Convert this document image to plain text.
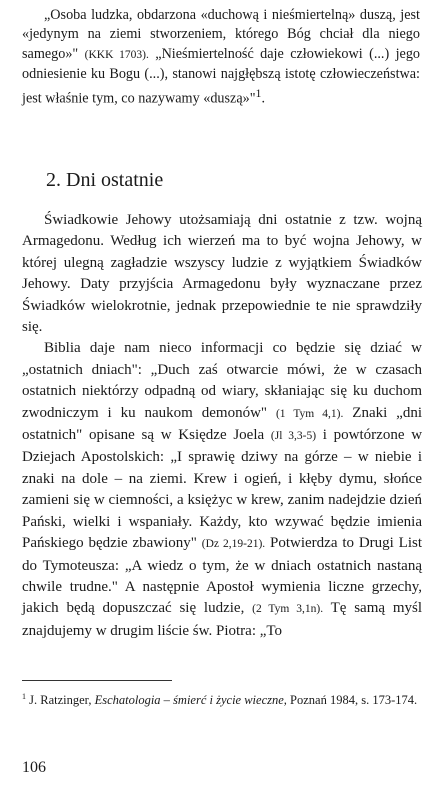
„Osoba ludzka, obdarzona «duchową i nieśmiertelną» duszą, jest «jedynym na ziemi stworzeniem, którego Bóg chciał dla niego samego»" (KKK 1703). „Nieśmiertelność daje człowiekowi (...) jego odniesienie ku Bogu (...), stanowi najgłębszą istotę człowieczeństwa: jest właśnie tym, co nazywamy «duszą»"$^1$.

2. Dni ostatnie

Świadkowie Jehowy utożsamiają dni ostatnie z tzw. wojną Armagedonu. Według ich wierzeń ma to być wojna Jehowy, w której ulegną zagładzie wszyscy ludzie z wyjątkiem Świadków Jehowy. Daty przyjścia Armagedonu były wyznaczane przez Świadków wielokrotnie, jednak przepowiednie te nie sprawdziły się.

Biblia daje nam nieco informacji co będzie się dziać w „ostatnich dniach": „Duch zaś otwarcie mówi, że w czasach ostatnich niektórzy odpadną od wiary, skłaniając się ku duchom zwodniczym i ku naukom demonów" (1 Tym 4,1). Znaki „dni ostatnich" opisane są w Księdze Joela (Jl 3,3-5) i powtórzone w Dziejach Apostolskich: „I sprawię dziwy na górze – w niebie i znaki na dole – na ziemi. Krew i ogień, i kłęby dymu, słońce zamieni się w ciemności, a księżyc w krew, zanim nadejdzie dzień Pański, wielki i wspaniały. Każdy, kto wzywać będzie imienia Pańskiego będzie zbawiony" (Dz 2,19-21). Potwierdza to Drugi List do Tymoteusza: „A wiedz o tym, że w dniach ostatnich nastaną chwile trudne." A następnie Apostoł wymienia liczne grzechy, jakich będą dopuszczać się ludzie, (2 Tym 3,1n). Tę samą myśl znajdujemy w drugim liście św. Piotra: „To

$^1$ J. Ratzinger, Eschatologia – śmierć i życie wieczne, Poznań 1984, s. 173-174.

106
